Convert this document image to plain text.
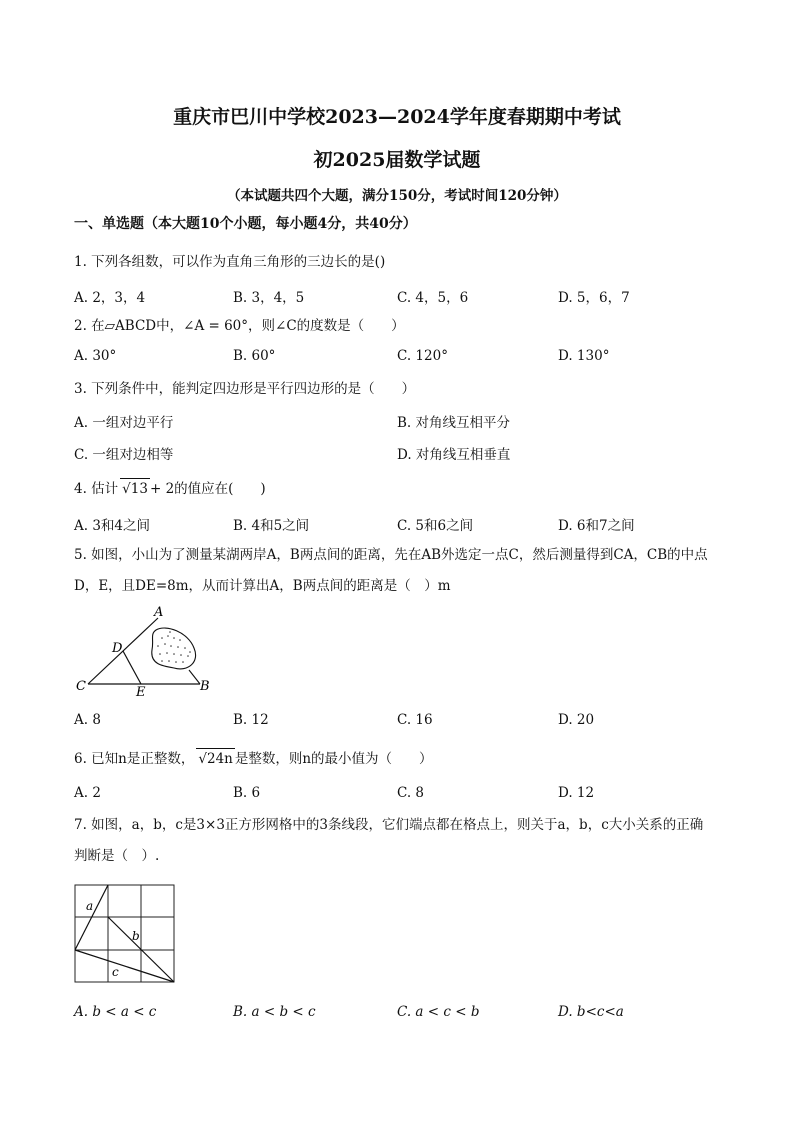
重庆市巴川中学校2023—2024学年度春期期中考试
初2025届数学试题
（本试题共四个大题，满分150分，考试时间120分钟）
一、单选题（本大题10个小题，每小题4分，共40分）
1. 下列各组数，可以作为直角三角形的三边长的是()
A. 2，3，4	B. 3，4，5	C. 4，5，6	D. 5，6，7
2. 在▱ABCD中，∠A = 60°，则∠C的度数是（　　）
A. 30°	B. 60°	C. 120°	D. 130°
3. 下列条件中，能判定四边形是平行四边形的是（　　）
A. 一组对边平行	B. 对角线互相平分
C. 一组对边相等	D. 对角线互相垂直
4. 估计 √13 + 2的值应在(　　)
A. 3和4之间	B. 4和5之间	C. 5和6之间	D. 6和7之间
5. 如图，小山为了测量某湖两岸A，B两点间的距离，先在AB外选定一点C，然后测量得到CA，CB的中点D，E，且DE=8m，从而计算出A，B两点间的距离是（　）m
A
D
C	E	B
A. 8	B. 12	C. 16	D. 20
6. 已知n是正整数， √24n 是整数，则n的最小值为（　　）
A. 2	B. 6	C. 8	D. 12
7. 如图，a，b，c是3×3正方形网格中的3条线段，它们端点都在格点上，则关于a，b，c大小关系的正确判断是（　）.
a
b
c
A. b < a < c	B. a < b < c	C. a < c < b	D. b<c<a
